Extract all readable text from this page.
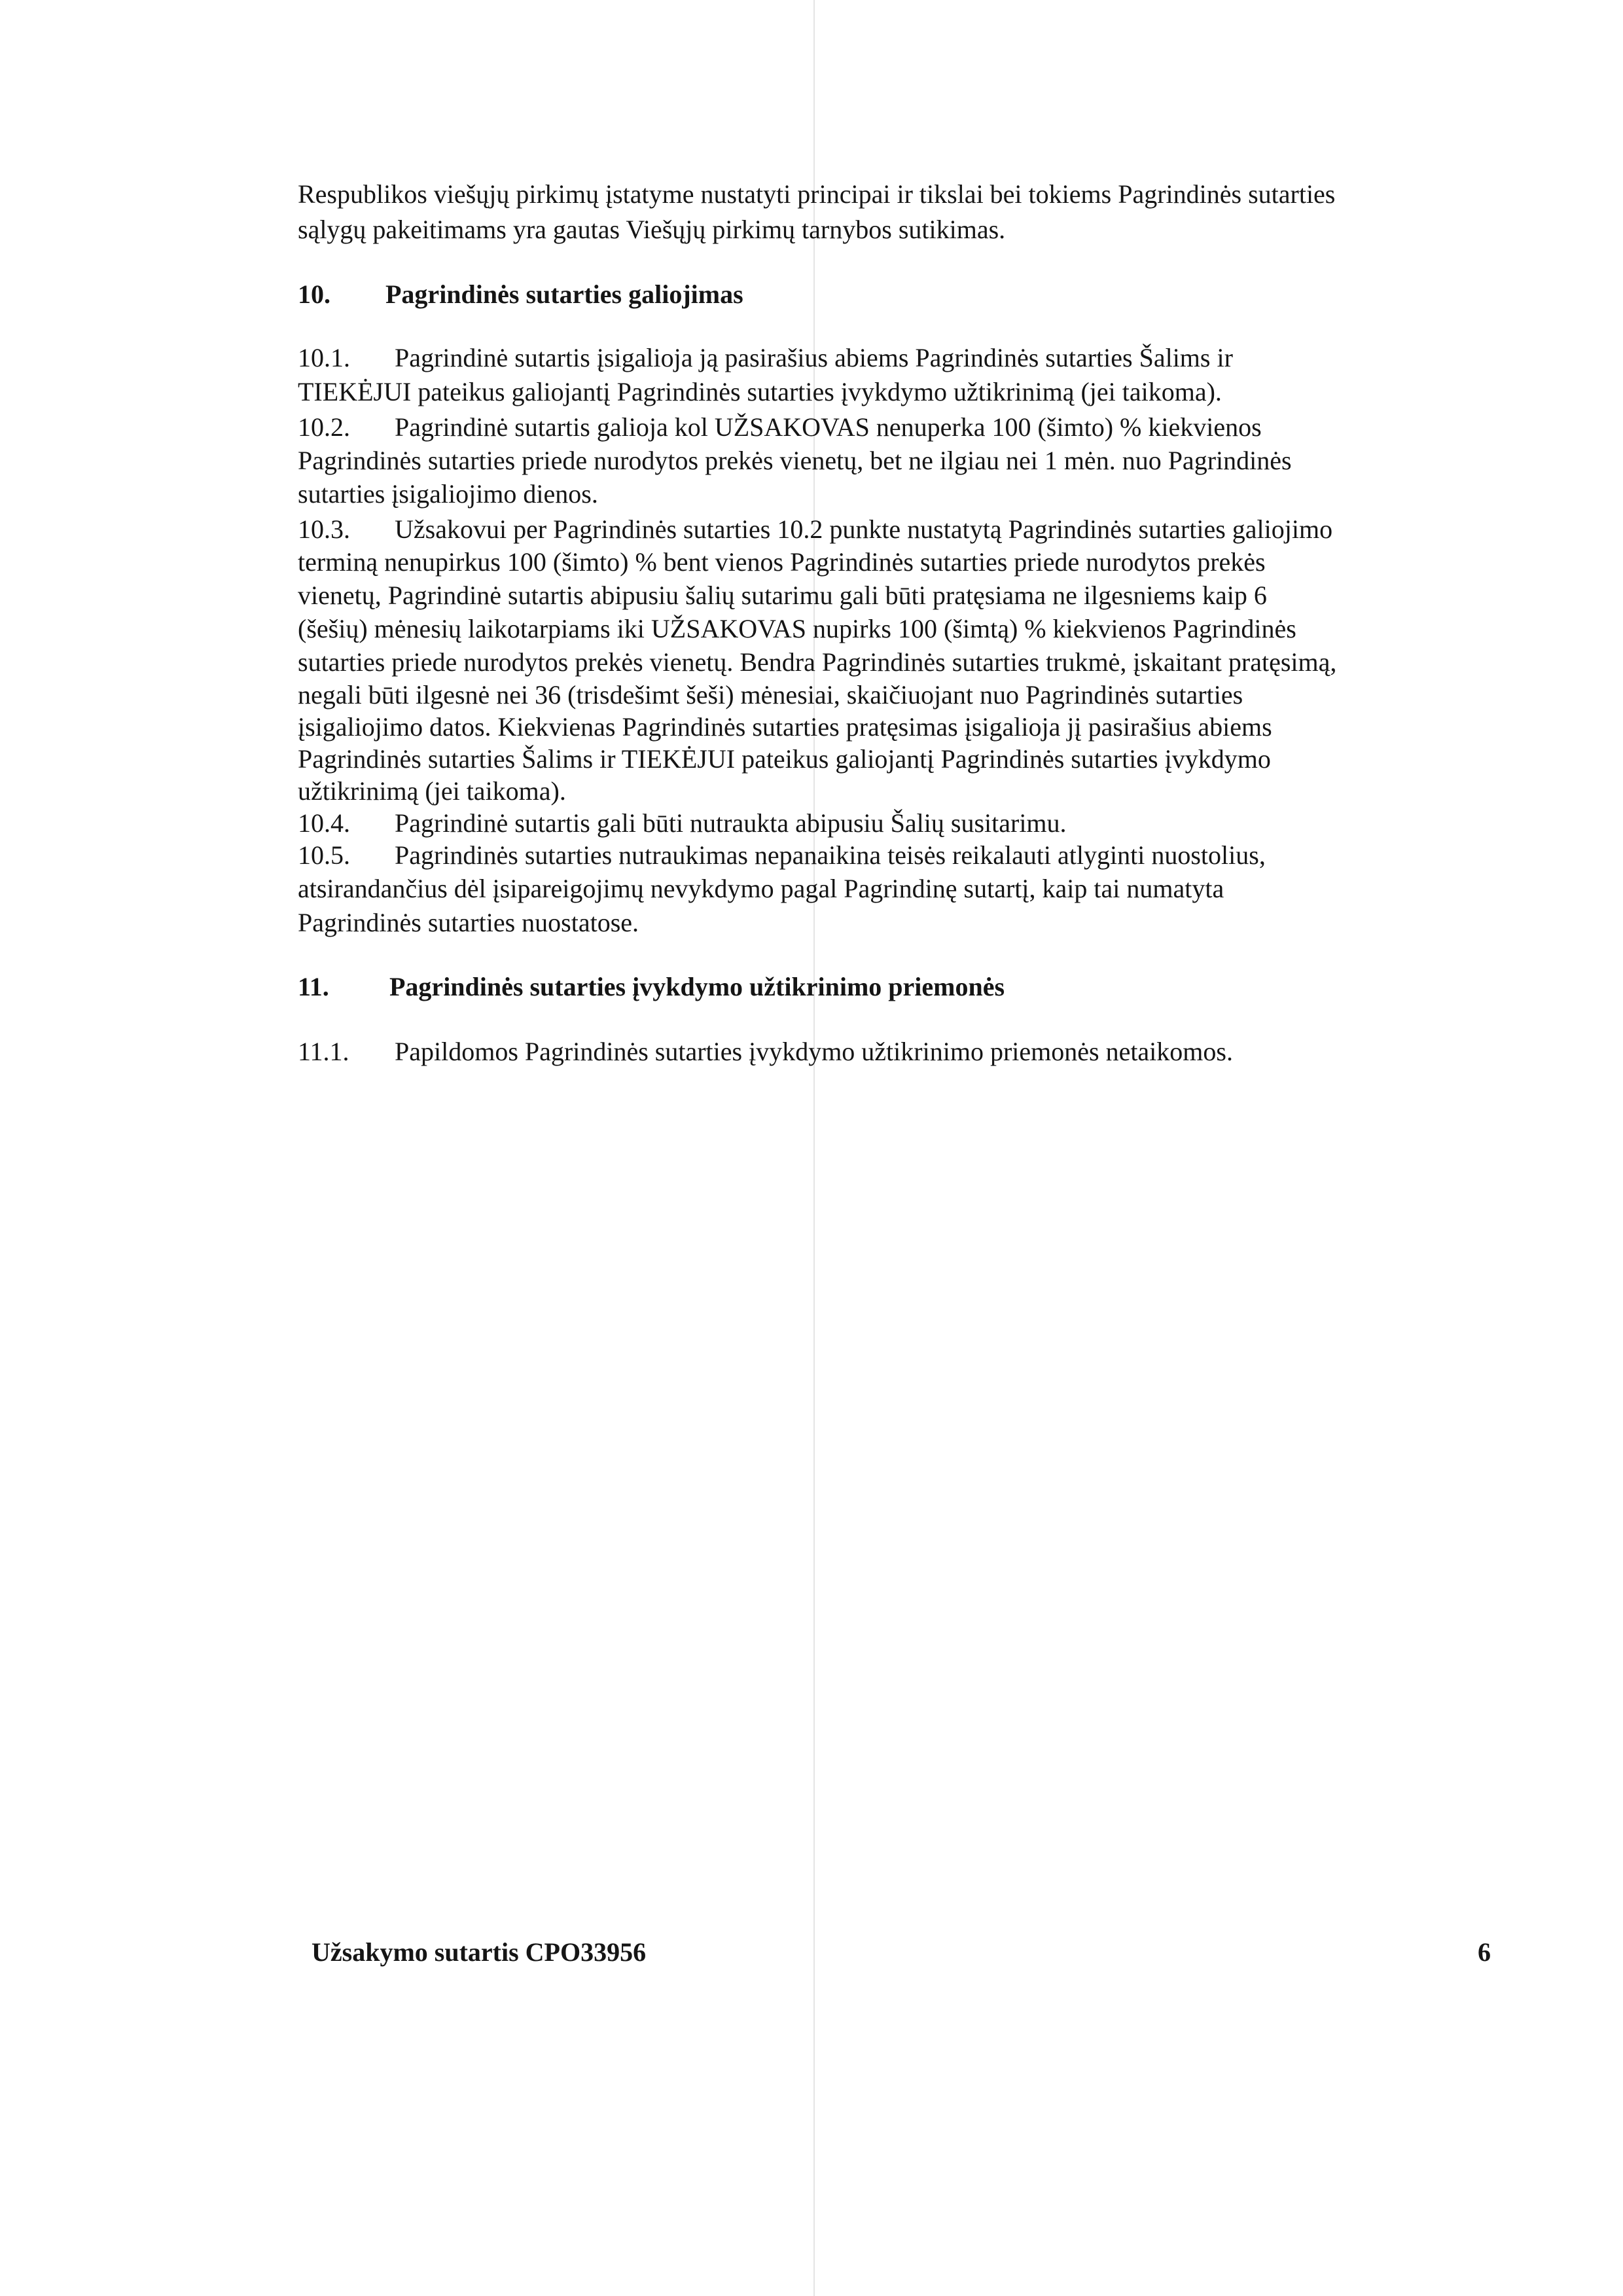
Respublikos viešųjų pirkimų įstatyme nustatyti principai ir tikslai bei tokiems Pagrindinės sutarties
sąlygų pakeitimams yra gautas Viešųjų pirkimų tarnybos sutikimas.
10. Pagrindinės sutarties galiojimas
10.1. Pagrindinė sutartis įsigalioja ją pasirašius abiems Pagrindinės sutarties Šalims ir
TIEKĖJUI pateikus galiojantį Pagrindinės sutarties įvykdymo užtikrinimą (jei taikoma).
10.2. Pagrindinė sutartis galioja kol UŽSAKOVAS nenuperka 100 (šimto) % kiekvienos
Pagrindinės sutarties priede nurodytos prekės vienetų, bet ne ilgiau nei 1 mėn. nuo Pagrindinės
sutarties įsigaliojimo dienos.
10.3. Užsakovui per Pagrindinės sutarties 10.2 punkte nustatytą Pagrindinės sutarties galiojimo
terminą nenupirkus 100 (šimto) % bent vienos Pagrindinės sutarties priede nurodytos prekės
vienetų, Pagrindinė sutartis abipusiu šalių sutarimu gali būti pratęsiama ne ilgesniems kaip 6
(šešių) mėnesių laikotarpiams iki UŽSAKOVAS nupirks 100 (šimtą) % kiekvienos Pagrindinės
sutarties priede nurodytos prekės vienetų. Bendra Pagrindinės sutarties trukmė, įskaitant pratęsimą,
negali būti ilgesnė nei 36 (trisdešimt šeši) mėnesiai, skaičiuojant nuo Pagrindinės sutarties
įsigaliojimo datos. Kiekvienas Pagrindinės sutarties pratęsimas įsigalioja jį pasirašius abiems
Pagrindinės sutarties Šalims ir TIEKĖJUI pateikus galiojantį Pagrindinės sutarties įvykdymo
užtikrinimą (jei taikoma).
10.4. Pagrindinė sutartis gali būti nutraukta abipusiu Šalių susitarimu.
10.5. Pagrindinės sutarties nutraukimas nepanaikina teisės reikalauti atlyginti nuostolius,
atsirandančius dėl įsipareigojimų nevykdymo pagal Pagrindinę sutartį, kaip tai numatyta
Pagrindinės sutarties nuostatose.
11. Pagrindinės sutarties įvykdymo užtikrinimo priemonės
11.1. Papildomos Pagrindinės sutarties įvykdymo užtikrinimo priemonės netaikomos.
Užsakymo sutartis CPO33956	6
